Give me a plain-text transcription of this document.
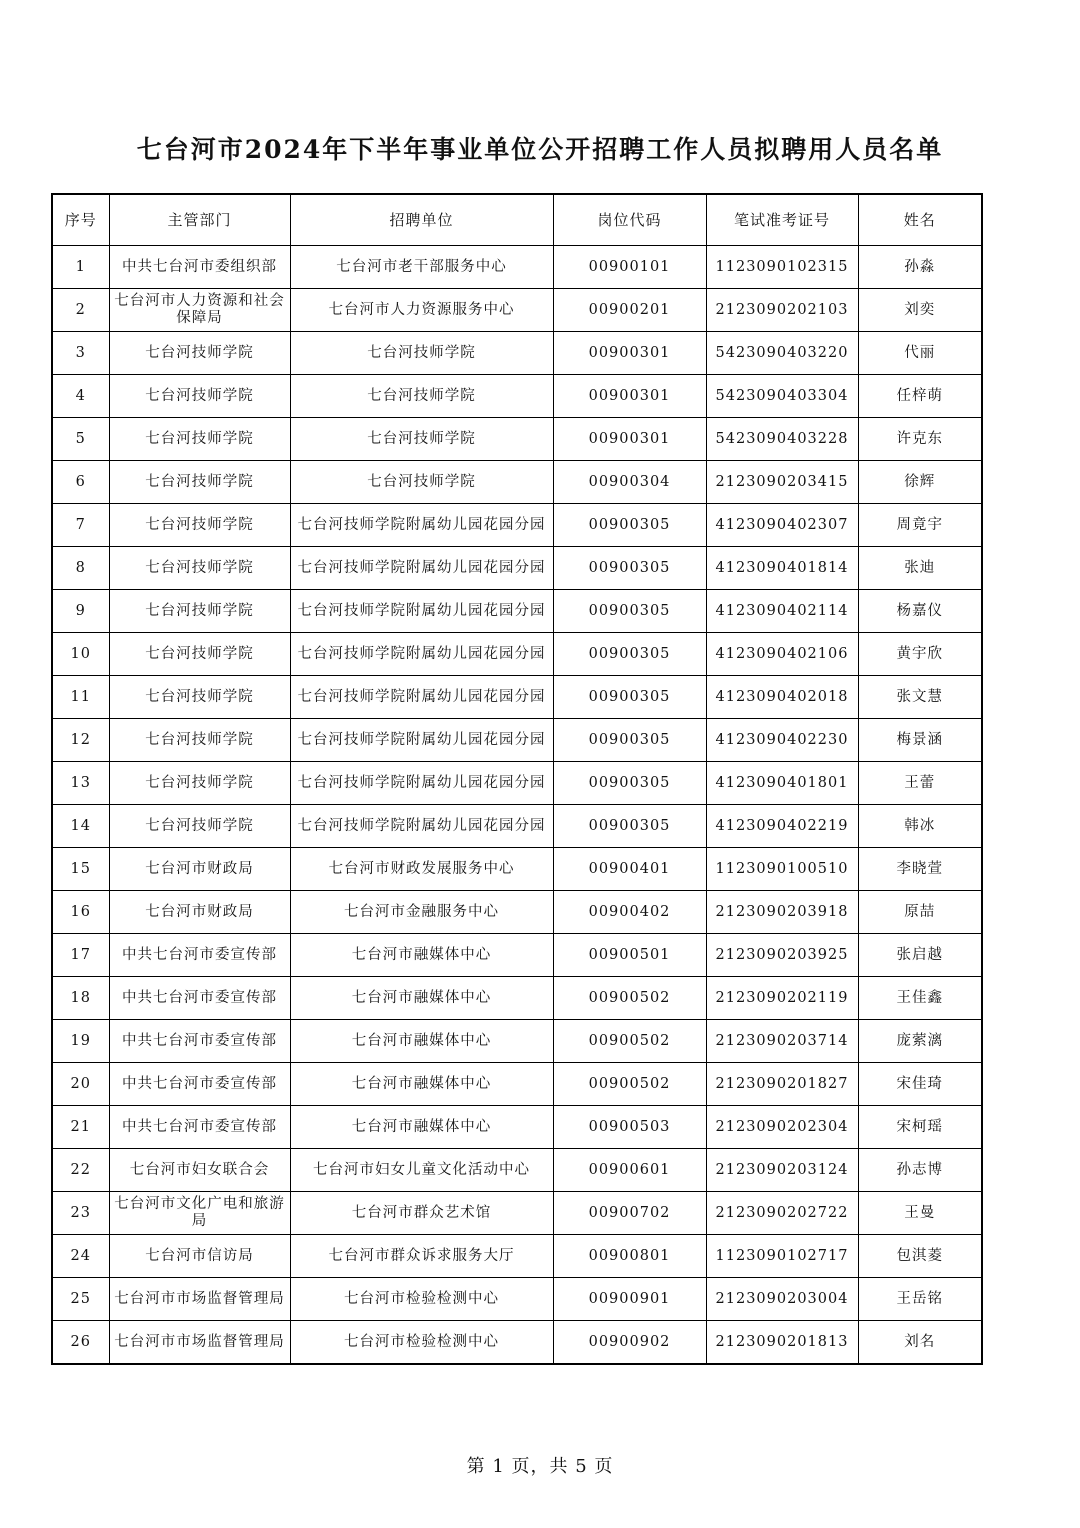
七台河市2024年下半年事业单位公开招聘工作人员拟聘用人员名单
序号	主管部门	招聘单位	岗位代码	笔试准考证号	姓名
1	中共七台河市委组织部	七台河市老干部服务中心	00900101	1123090102315	孙淼
2	七台河市人力资源和社会保障局	七台河市人力资源服务中心	00900201	2123090202103	刘奕
3	七台河技师学院	七台河技师学院	00900301	5423090403220	代丽
4	七台河技师学院	七台河技师学院	00900301	5423090403304	任梓萌
5	七台河技师学院	七台河技师学院	00900301	5423090403228	许克东
6	七台河技师学院	七台河技师学院	00900304	2123090203415	徐辉
7	七台河技师学院	七台河技师学院附属幼儿园花园分园	00900305	4123090402307	周竟宇
8	七台河技师学院	七台河技师学院附属幼儿园花园分园	00900305	4123090401814	张迪
9	七台河技师学院	七台河技师学院附属幼儿园花园分园	00900305	4123090402114	杨嘉仪
10	七台河技师学院	七台河技师学院附属幼儿园花园分园	00900305	4123090402106	黄宇欣
11	七台河技师学院	七台河技师学院附属幼儿园花园分园	00900305	4123090402018	张文慧
12	七台河技师学院	七台河技师学院附属幼儿园花园分园	00900305	4123090402230	梅景涵
13	七台河技师学院	七台河技师学院附属幼儿园花园分园	00900305	4123090401801	王蕾
14	七台河技师学院	七台河技师学院附属幼儿园花园分园	00900305	4123090402219	韩冰
15	七台河市财政局	七台河市财政发展服务中心	00900401	1123090100510	李晓萱
16	七台河市财政局	七台河市金融服务中心	00900402	2123090203918	原喆
17	中共七台河市委宣传部	七台河市融媒体中心	00900501	2123090203925	张启越
18	中共七台河市委宣传部	七台河市融媒体中心	00900502	2123090202119	王佳鑫
19	中共七台河市委宣传部	七台河市融媒体中心	00900502	2123090203714	庞萦漓
20	中共七台河市委宣传部	七台河市融媒体中心	00900502	2123090201827	宋佳琦
21	中共七台河市委宣传部	七台河市融媒体中心	00900503	2123090202304	宋柯瑶
22	七台河市妇女联合会	七台河市妇女儿童文化活动中心	00900601	2123090203124	孙志博
23	七台河市文化广电和旅游局	七台河市群众艺术馆	00900702	2123090202722	王曼
24	七台河市信访局	七台河市群众诉求服务大厅	00900801	1123090102717	包淇菱
25	七台河市市场监督管理局	七台河市检验检测中心	00900901	2123090203004	王岳铭
26	七台河市市场监督管理局	七台河市检验检测中心	00900902	2123090201813	刘名
第 1 页，共 5 页
